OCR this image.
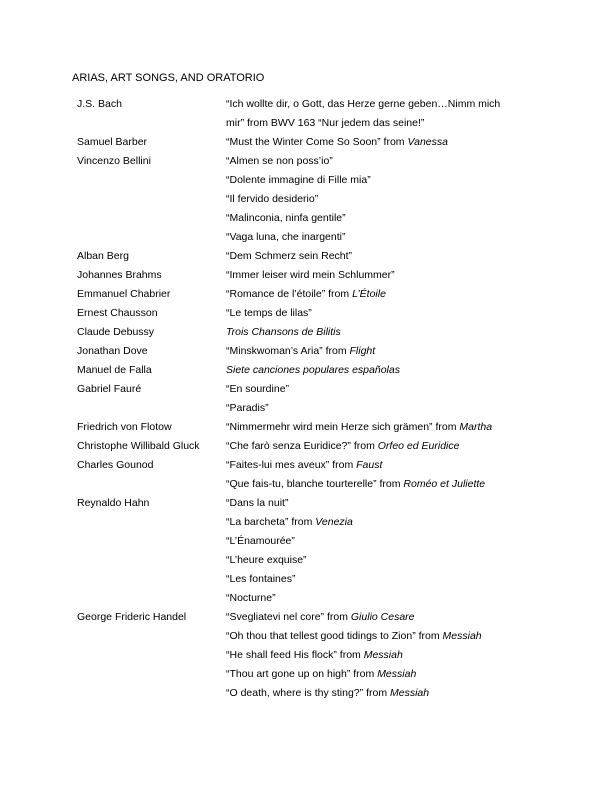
ARIAS, ART SONGS, AND ORATORIO
J.S. Bach	“Ich wollte dir, o Gott, das Herze gerne geben…Nimm mich
mir” from BWV 163 “Nur jedem das seine!”
Samuel Barber	“Must the Winter Come So Soon” from Vanessa
Vincenzo Bellini	“Almen se non poss’io”
“Dolente immagine di Fille mia”
“Il fervido desiderio”
“Malinconia, ninfa gentile”
“Vaga luna, che inargenti”
Alban Berg	“Dem Schmerz sein Recht”
Johannes Brahms	“Immer leiser wird mein Schlummer”
Emmanuel Chabrier	“Romance de l’étoile” from L’Étoile
Ernest Chausson	“Le temps de lilas”
Claude Debussy	Trois Chansons de Bilitis
Jonathan Dove	“Minskwoman’s Aria” from Flight
Manuel de Falla	Siete canciones populares españolas
Gabriel Fauré	“En sourdine”
“Paradis”
Friedrich von Flotow	“Nimmermehr wird mein Herze sich grämen” from Martha
Christophe Willibald Gluck	“Che farò senza Euridice?” from Orfeo ed Euridice
Charles Gounod	“Faites-lui mes aveux” from Faust
“Que fais-tu, blanche tourterelle” from Roméo et Juliette
Reynaldo Hahn	“Dans la nuit”
“La barcheta” from Venezia
“L’Énamourée”
“L’heure exquise”
“Les fontaines”
“Nocturne”
George Frideric Handel	“Svegliatevi nel core” from Giulio Cesare
“Oh thou that tellest good tidings to Zion” from Messiah
“He shall feed His flock” from Messiah
“Thou art gone up on high” from Messiah
“O death, where is thy sting?” from Messiah
